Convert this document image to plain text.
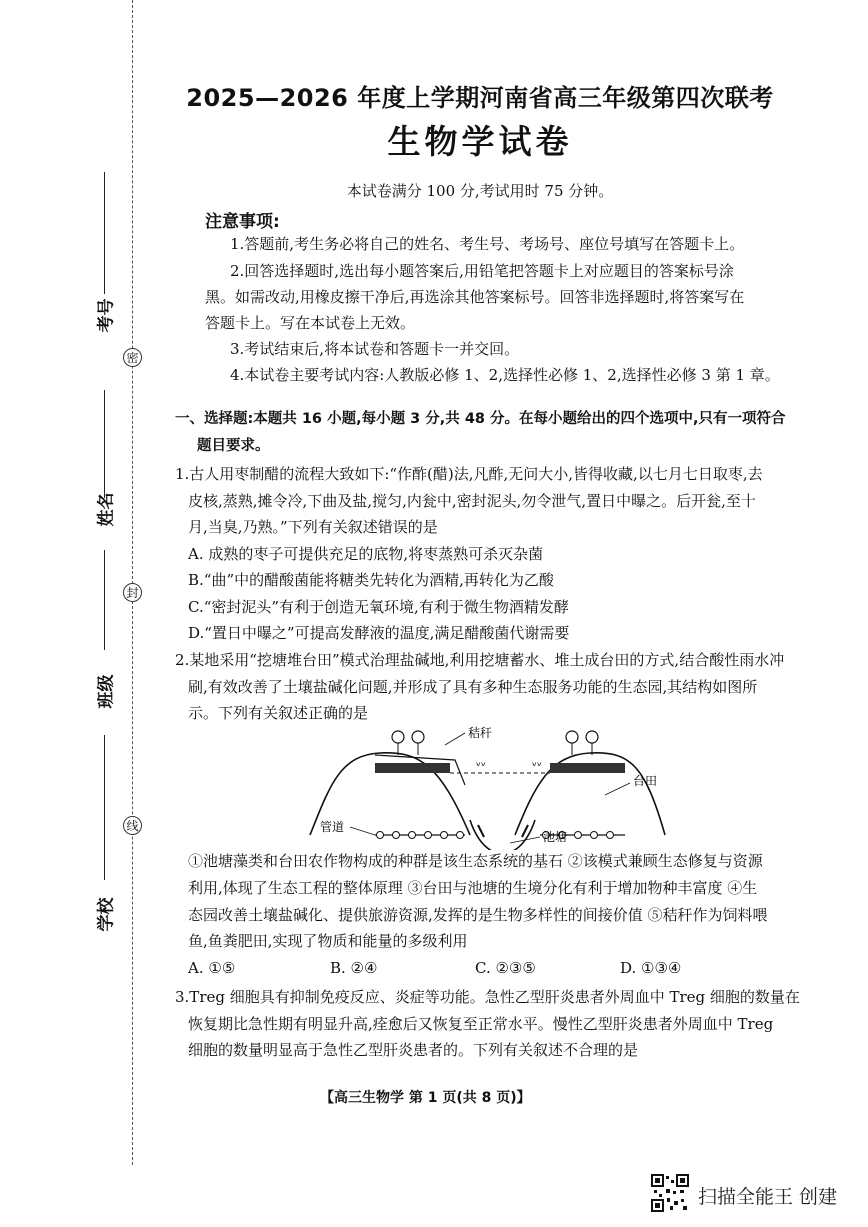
密
封
线
考号
姓名
班级
学校
2025—2026 年度上学期河南省高三年级第四次联考
生物学试卷
本试卷满分 100 分,考试用时 75 分钟。
注意事项:
1.答题前,考生务必将自己的姓名、考生号、考场号、座位号填写在答题卡上。
2.回答选择题时,选出每小题答案后,用铅笔把答题卡上对应题目的答案标号涂
黑。如需改动,用橡皮擦干净后,再选涂其他答案标号。回答非选择题时,将答案写在
答题卡上。写在本试卷上无效。
3.考试结束后,将本试卷和答题卡一并交回。
4.本试卷主要考试内容:人教版必修 1、2,选择性必修 1、2,选择性必修 3 第 1 章。
一、选择题:本题共 16 小题,每小题 3 分,共 48 分。在每小题给出的四个选项中,只有一项符合
题目要求。
1.古人用枣制醋的流程大致如下:“作酢(醋)法,凡酢,无问大小,皆得收藏,以七月七日取枣,去
皮核,蒸熟,摊令冷,下曲及盐,搅匀,内瓮中,密封泥头,勿令泄气,置日中曝之。后开瓮,至十
月,当臭,乃熟。”下列有关叙述错误的是
A. 成熟的枣子可提供充足的底物,将枣蒸熟可杀灭杂菌
B.“曲”中的醋酸菌能将糖类先转化为酒精,再转化为乙酸
C.“密封泥头”有利于创造无氧环境,有利于微生物酒精发酵
D.“置日中曝之”可提高发酵液的温度,满足醋酸菌代谢需要
2.某地采用“挖塘堆台田”模式治理盐碱地,利用挖塘蓄水、堆土成台田的方式,结合酸性雨水冲
刷,有效改善了土壤盐碱化问题,并形成了具有多种生态服务功能的生态园,其结构如图所
示。下列有关叙述正确的是
ᵛᵛ	ᵛᵛ
秸秆
台田
管道
池塘
①池塘藻类和台田农作物构成的种群是该生态系统的基石 ②该模式兼顾生态修复与资源
利用,体现了生态工程的整体原理 ③台田与池塘的生境分化有利于增加物种丰富度 ④生
态园改善土壤盐碱化、提供旅游资源,发挥的是生物多样性的间接价值 ⑤秸秆作为饲料喂
鱼,鱼粪肥田,实现了物质和能量的多级利用
A. ①⑤	B. ②④	C. ②③⑤	D. ①③④
3.Treg 细胞具有抑制免疫反应、炎症等功能。急性乙型肝炎患者外周血中 Treg 细胞的数量在
恢复期比急性期有明显升高,痊愈后又恢复至正常水平。慢性乙型肝炎患者外周血中 Treg
细胞的数量明显高于急性乙型肝炎患者的。下列有关叙述不合理的是
【高三生物学 第 1 页(共 8 页)】
扫描全能王 创建
